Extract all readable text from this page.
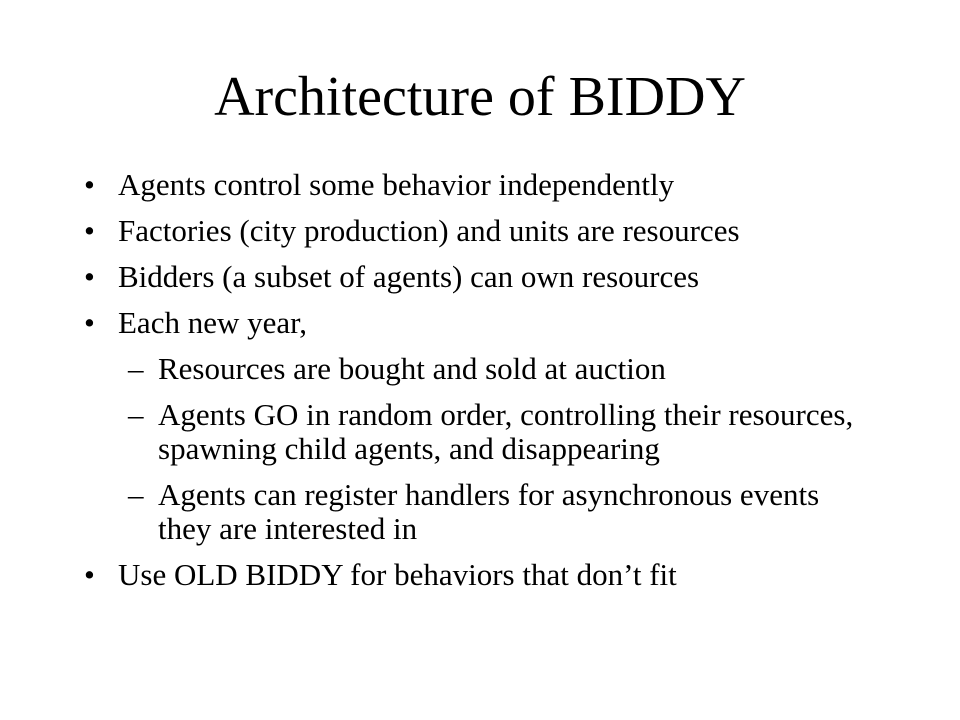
Architecture of BIDDY
• Agents control some behavior independently
• Factories (city production) and units are resources
• Bidders (a subset of agents) can own resources
• Each new year,
– Resources are bought and sold at auction
– Agents GO in random order, controlling their resources, spawning child agents, and disappearing
– Agents can register handlers for asynchronous events they are interested in
• Use OLD BIDDY for behaviors that don’t fit
